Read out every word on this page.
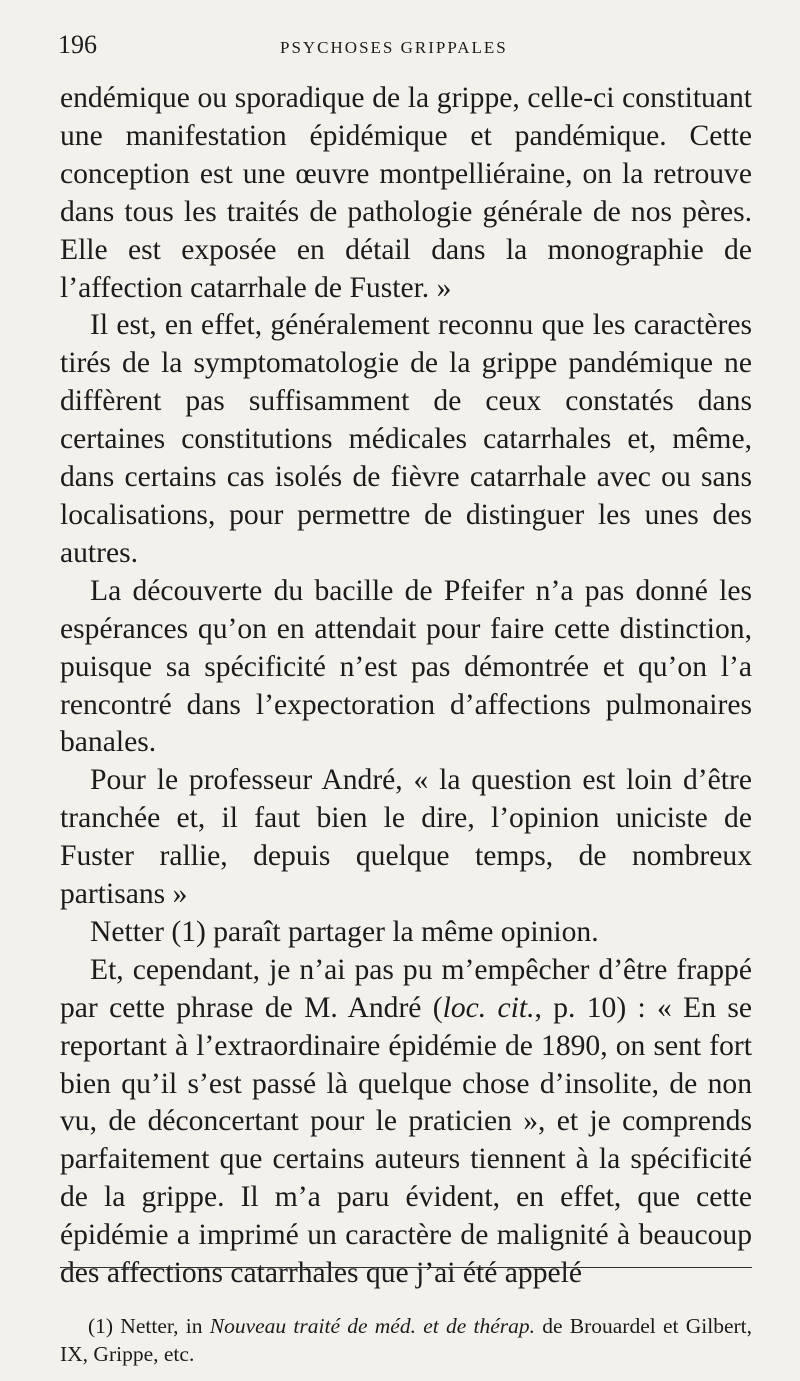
196	PSYCHOSES GRIPPALES

endémique ou sporadique de la grippe, celle-ci constituant une manifestation épidémique et pandémique. Cette conception est une œuvre montpelliéraine, on la retrouve dans tous les traités de pathologie générale de nos pères. Elle est exposée en détail dans la monographie de l’affection catarrhale de Fuster. »

Il est, en effet, généralement reconnu que les caractères tirés de la symptomatologie de la grippe pandémique ne diffèrent pas suffisamment de ceux constatés dans certaines constitutions médicales catarrhales et, même, dans certains cas isolés de fièvre catarrhale avec ou sans localisations, pour permettre de distinguer les unes des autres.

La découverte du bacille de Pfeifer n’a pas donné les espérances qu’on en attendait pour faire cette distinction, puisque sa spécificité n’est pas démontrée et qu’on l’a rencontré dans l’expectoration d’affections pulmonaires banales.

Pour le professeur André, « la question est loin d’être tranchée et, il faut bien le dire, l’opinion uniciste de Fuster rallie, depuis quelque temps, de nombreux partisans »

Netter (1) paraît partager la même opinion.

Et, cependant, je n’ai pas pu m’empêcher d’être frappé par cette phrase de M. André (loc. cit., p. 10) : « En se reportant à l’extraordinaire épidémie de 1890, on sent fort bien qu’il s’est passé là quelque chose d’insolite, de non vu, de déconcertant pour le praticien », et je comprends parfaitement que certains auteurs tiennent à la spécificité de la grippe. Il m’a paru évident, en effet, que cette épidémie a imprimé un caractère de malignité à beaucoup des affections catarrhales que j’ai été appelé

(1) Netter, in Nouveau traité de méd. et de thérap. de Brouardel et Gilbert, IX, Grippe, etc.
